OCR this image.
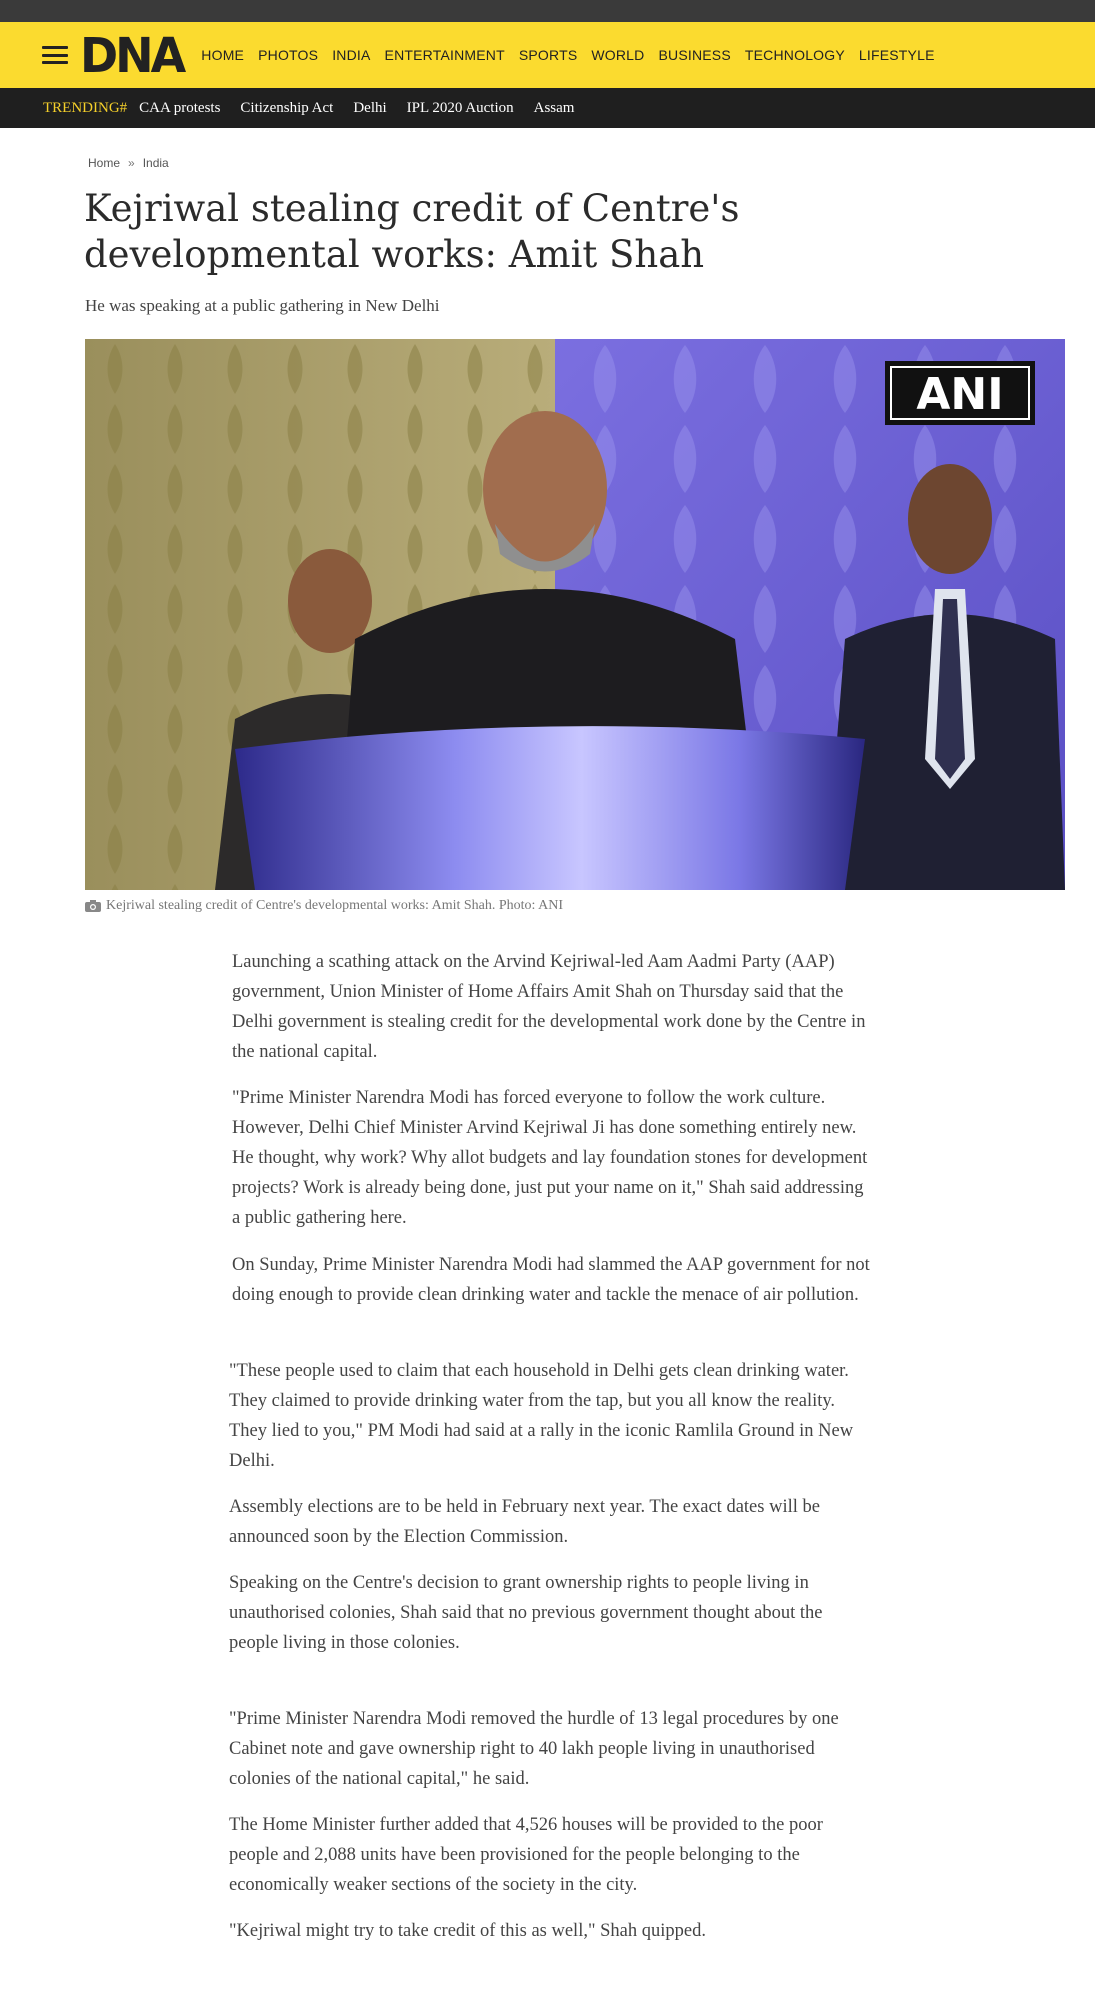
DNA HOME PHOTOS INDIA ENTERTAINMENT SPORTS WORLD BUSINESS TECHNOLOGY LIFESTYLE
TRENDING# CAA protests Citizenship Act Delhi IPL 2020 Auction Assam
Home » India
Kejriwal stealing credit of Centre's developmental works: Amit Shah
He was speaking at a public gathering in New Delhi
ANI
Kejriwal stealing credit of Centre's developmental works: Amit Shah. Photo: ANI

Launching a scathing attack on the Arvind Kejriwal-led Aam Aadmi Party (AAP) government, Union Minister of Home Affairs Amit Shah on Thursday said that the Delhi government is stealing credit for the developmental work done by the Centre in the national capital.

"Prime Minister Narendra Modi has forced everyone to follow the work culture. However, Delhi Chief Minister Arvind Kejriwal Ji has done something entirely new. He thought, why work? Why allot budgets and lay foundation stones for development projects? Work is already being done, just put your name on it," Shah said addressing a public gathering here.

On Sunday, Prime Minister Narendra Modi had slammed the AAP government for not doing enough to provide clean drinking water and tackle the menace of air pollution.

"These people used to claim that each household in Delhi gets clean drinking water. They claimed to provide drinking water from the tap, but you all know the reality. They lied to you," PM Modi had said at a rally in the iconic Ramlila Ground in New Delhi.

Assembly elections are to be held in February next year. The exact dates will be announced soon by the Election Commission.

Speaking on the Centre's decision to grant ownership rights to people living in unauthorised colonies, Shah said that no previous government thought about the people living in those colonies.

"Prime Minister Narendra Modi removed the hurdle of 13 legal procedures by one Cabinet note and gave ownership right to 40 lakh people living in unauthorised colonies of the national capital," he said.

The Home Minister further added that 4,526 houses will be provided to the poor people and 2,088 units have been provisioned for the people belonging to the economically weaker sections of the society in the city.

"Kejriwal might try to take credit of this as well," Shah quipped.
